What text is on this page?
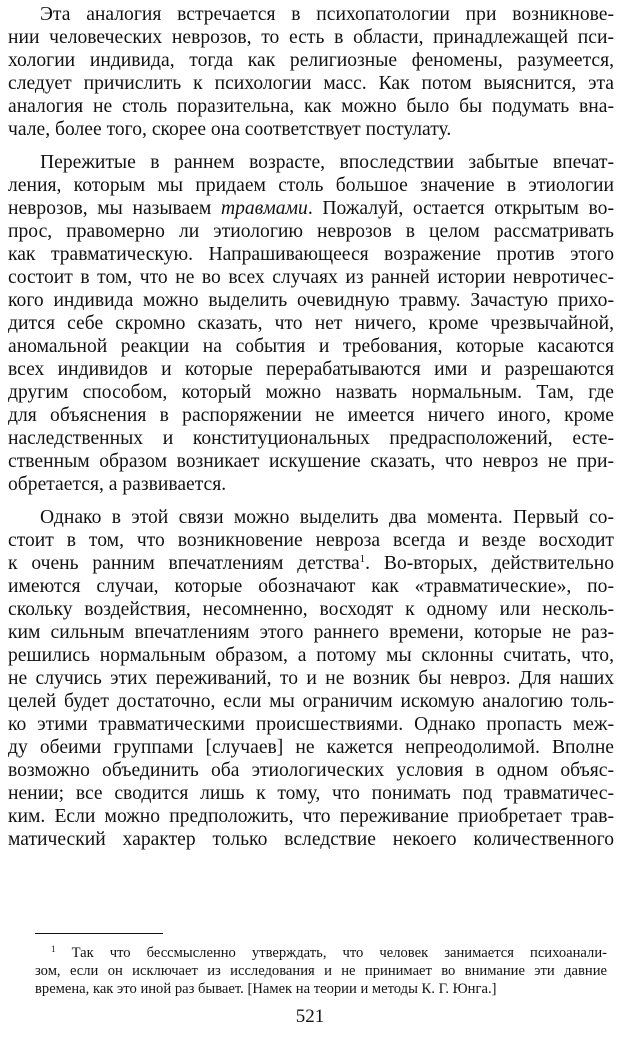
Эта аналогия встречается в психопатологии при возникнове-
нии человеческих неврозов, то есть в области, принадлежащей пси-
хологии индивида, тогда как религиозные феномены, разумеется,
следует причислить к психологии масс. Как потом выяснится, эта
аналогия не столь поразительна, как можно было бы подумать вна-
чале, более того, скорее она соответствует постулату.
Пережитые в раннем возрасте, впоследствии забытые впечат-
ления, которым мы придаем столь большое значение в этиологии
неврозов, мы называем травмами. Пожалуй, остается открытым во-
прос, правомерно ли этиологию неврозов в целом рассматривать
как травматическую. Напрашивающееся возражение против этого
состоит в том, что не во всех случаях из ранней истории невротичес-
кого индивида можно выделить очевидную травму. Зачастую прихо-
дится себе скромно сказать, что нет ничего, кроме чрезвычайной,
аномальной реакции на события и требования, которые касаются
всех индивидов и которые перерабатываются ими и разрешаются
другим способом, который можно назвать нормальным. Там, где
для объяснения в распоряжении не имеется ничего иного, кроме
наследственных и конституциональных предрасположений, есте-
ственным образом возникает искушение сказать, что невроз не при-
обретается, а развивается.
Однако в этой связи можно выделить два момента. Первый со-
стоит в том, что возникновение невроза всегда и везде восходит
к очень ранним впечатлениям детства$^1$. Во-вторых, действительно
имеются случаи, которые обозначают как «травматические», по-
скольку воздействия, несомненно, восходят к одному или несколь-
ким сильным впечатлениям этого раннего времени, которые не раз-
решились нормальным образом, а потому мы склонны считать, что,
не случись этих переживаний, то и не возник бы невроз. Для наших
целей будет достаточно, если мы ограничим искомую аналогию толь-
ко этими травматическими происшествиями. Однако пропасть меж-
ду обеими группами [случаев] не кажется непреодолимой. Вполне
возможно объединить оба этиологических условия в одном объяс-
нении; все сводится лишь к тому, что понимать под травматичес-
ким. Если можно предположить, что переживание приобретает трав-
матический характер только вследствие некоего количественного
$^1$ Так что бессмысленно утверждать, что человек занимается психоанали-
зом, если он исключает из исследования и не принимает во внимание эти давние
времена, как это иной раз бывает. [Намек на теории и методы К. Г. Юнга.]
521
